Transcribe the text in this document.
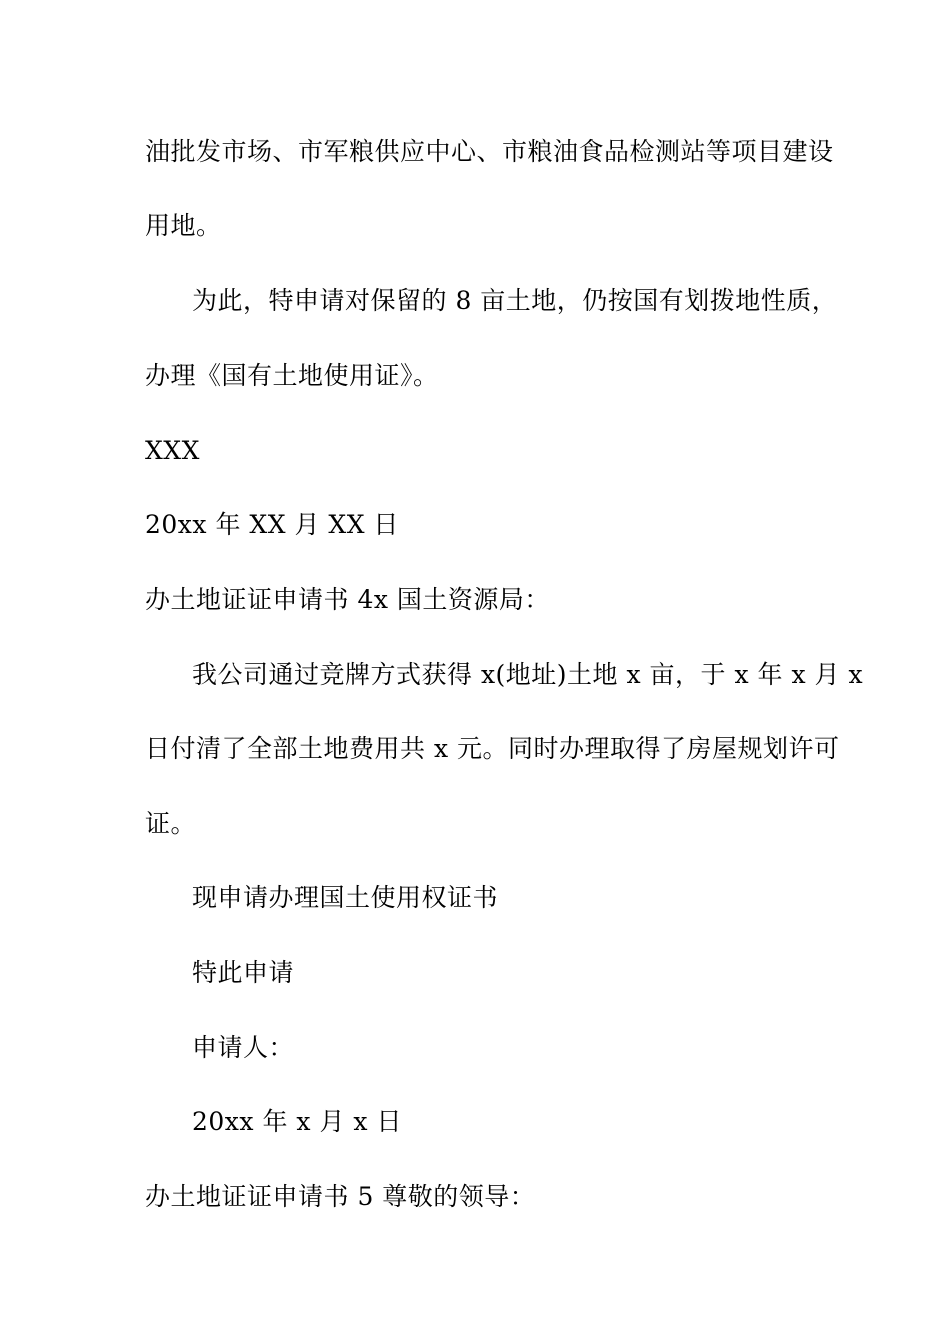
油批发市场、市军粮供应中心、市粮油食品检测站等项目建设
用地。
为此，特申请对保留的 8 亩土地，仍按国有划拨地性质，
办理《国有土地使用证》。
XXX
20xx 年 XX 月 XX 日
办土地证证申请书 4x 国土资源局：
我公司通过竞牌方式获得 x(地址)土地 x 亩，于 x 年 x 月 x
日付清了全部土地费用共 x 元。同时办理取得了房屋规划许可
证。
现申请办理国土使用权证书
特此申请
申请人：
20xx 年 x 月 x 日
办土地证证申请书 5 尊敬的领导：
